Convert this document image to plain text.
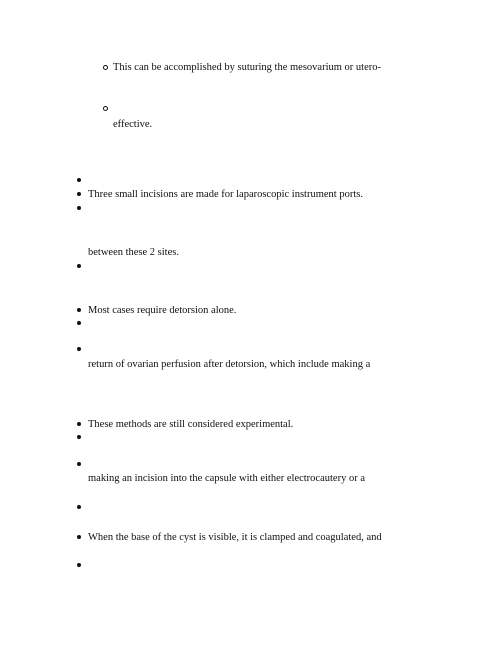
This can be accomplished by suturing the mesovarium or utero-
effective.
Three small incisions are made for laparoscopic instrument ports.
between these 2 sites.
Most cases require detorsion alone.
return of ovarian perfusion after detorsion, which include making a
These methods are still considered experimental.
making an incision into the capsule with either electrocautery or a
When the base of the cyst is visible, it is clamped and coagulated, and
